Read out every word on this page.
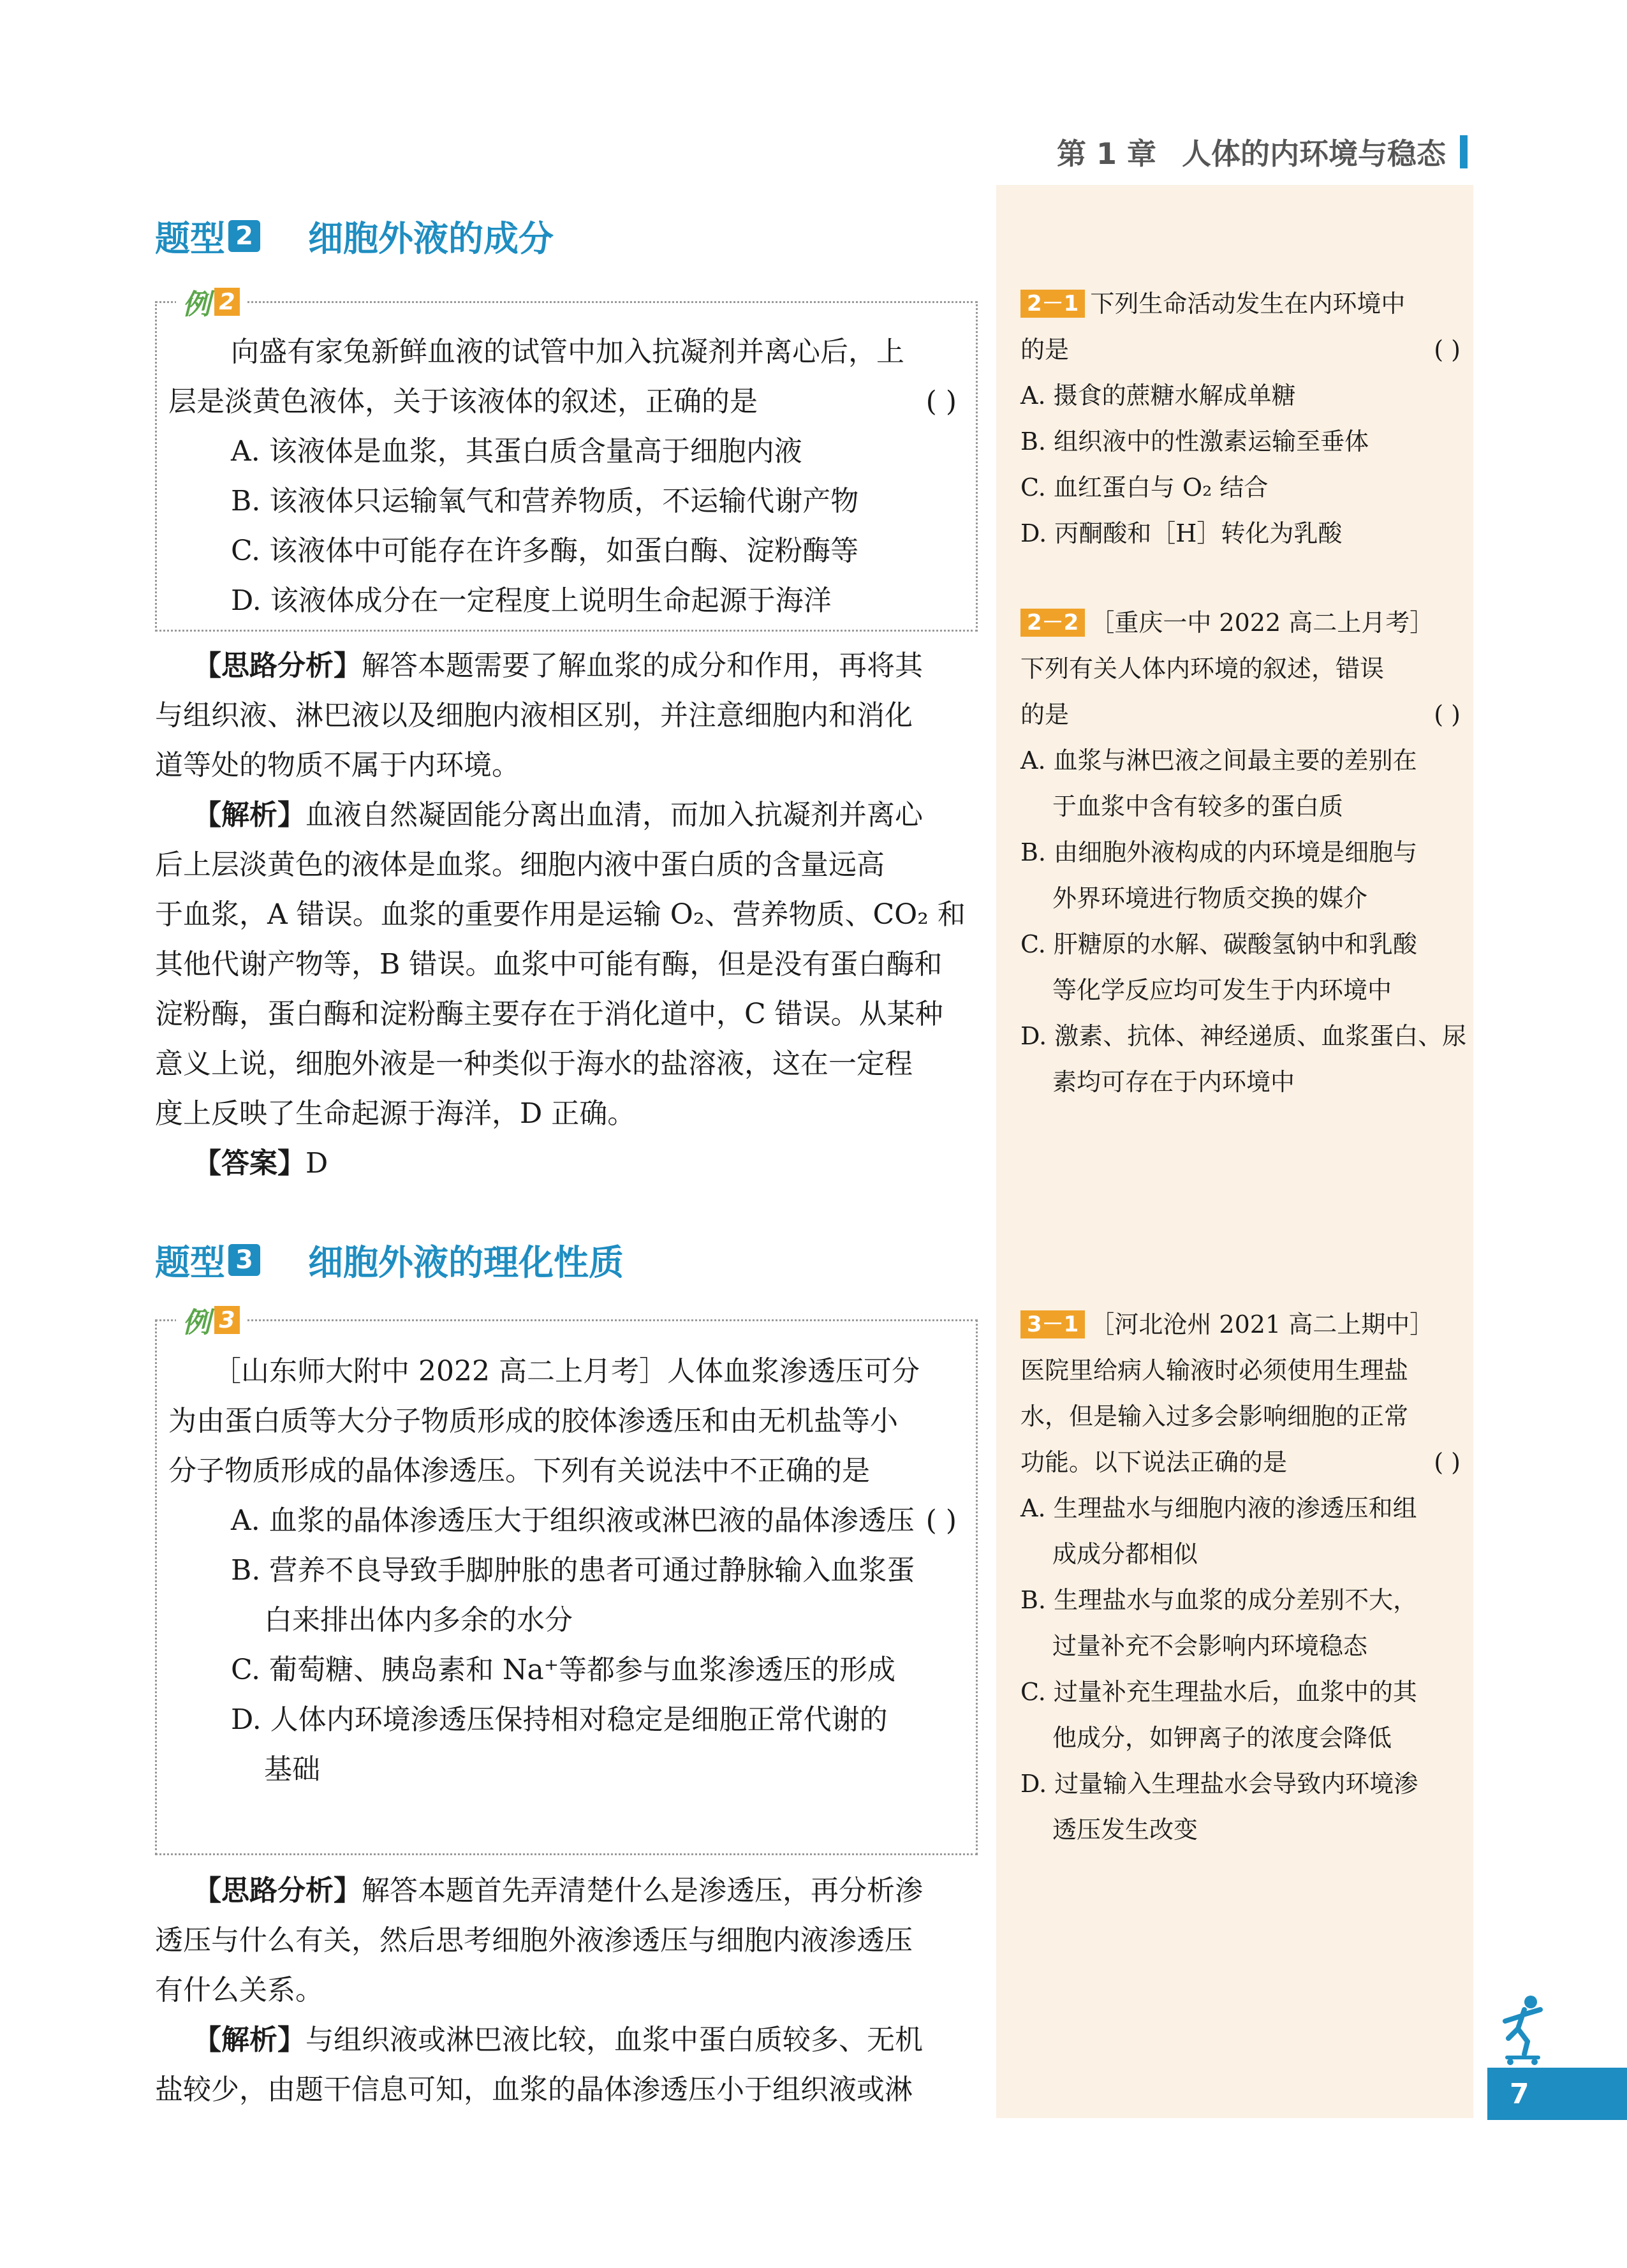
第 1 章 人体的内环境与稳态
题型 2 细胞外液的成分
例 2
向盛有家兔新鲜血液的试管中加入抗凝剂并离心后，上
层是淡黄色液体，关于该液体的叙述，正确的是	( )
A. 该液体是血浆，其蛋白质含量高于细胞内液
B. 该液体只运输氧气和营养物质，不运输代谢产物
C. 该液体中可能存在许多酶，如蛋白酶、淀粉酶等
D. 该液体成分在一定程度上说明生命起源于海洋
【思路分析】解答本题需要了解血浆的成分和作用，再将其
与组织液、淋巴液以及细胞内液相区别，并注意细胞内和消化
道等处的物质不属于内环境。
【解析】血液自然凝固能分离出血清，而加入抗凝剂并离心
后上层淡黄色的液体是血浆。细胞内液中蛋白质的含量远高
于血浆，A 错误。血浆的重要作用是运输 O₂、营养物质、CO₂ 和
其他代谢产物等，B 错误。血浆中可能有酶，但是没有蛋白酶和
淀粉酶，蛋白酶和淀粉酶主要存在于消化道中，C 错误。从某种
意义上说，细胞外液是一种类似于海水的盐溶液，这在一定程
度上反映了生命起源于海洋，D 正确。
【答案】D
题型 3 细胞外液的理化性质
例 3
［山东师大附中 2022 高二上月考］人体血浆渗透压可分
为由蛋白质等大分子物质形成的胶体渗透压和由无机盐等小
分子物质形成的晶体渗透压。下列有关说法中不正确的是
( )
A. 血浆的晶体渗透压大于组织液或淋巴液的晶体渗透压
B. 营养不良导致手脚肿胀的患者可通过静脉输入血浆蛋
白来排出体内多余的水分
C. 葡萄糖、胰岛素和 Na⁺等都参与血浆渗透压的形成
D. 人体内环境渗透压保持相对稳定是细胞正常代谢的
基础
【思路分析】解答本题首先弄清楚什么是渗透压，再分析渗
透压与什么有关，然后思考细胞外液渗透压与细胞内液渗透压
有什么关系。
【解析】与组织液或淋巴液比较，血浆中蛋白质较多、无机
盐较少，由题干信息可知，血浆的晶体渗透压小于组织液或淋
2－1 下列生命活动发生在内环境中
的是	( )
A. 摄食的蔗糖水解成单糖
B. 组织液中的性激素运输至垂体
C. 血红蛋白与 O₂ 结合
D. 丙酮酸和［H］转化为乳酸
2－2 ［重庆一中 2022 高二上月考］
下列有关人体内环境的叙述，错误
的是	( )
A. 血浆与淋巴液之间最主要的差别在
于血浆中含有较多的蛋白质
B. 由细胞外液构成的内环境是细胞与
外界环境进行物质交换的媒介
C. 肝糖原的水解、碳酸氢钠中和乳酸
等化学反应均可发生于内环境中
D. 激素、抗体、神经递质、血浆蛋白、尿
素均可存在于内环境中
3－1 ［河北沧州 2021 高二上期中］
医院里给病人输液时必须使用生理盐
水，但是输入过多会影响细胞的正常
功能。以下说法正确的是	( )
A. 生理盐水与细胞内液的渗透压和组
成成分都相似
B. 生理盐水与血浆的成分差别不大，
过量补充不会影响内环境稳态
C. 过量补充生理盐水后，血浆中的其
他成分，如钾离子的浓度会降低
D. 过量输入生理盐水会导致内环境渗
透压发生改变
7
